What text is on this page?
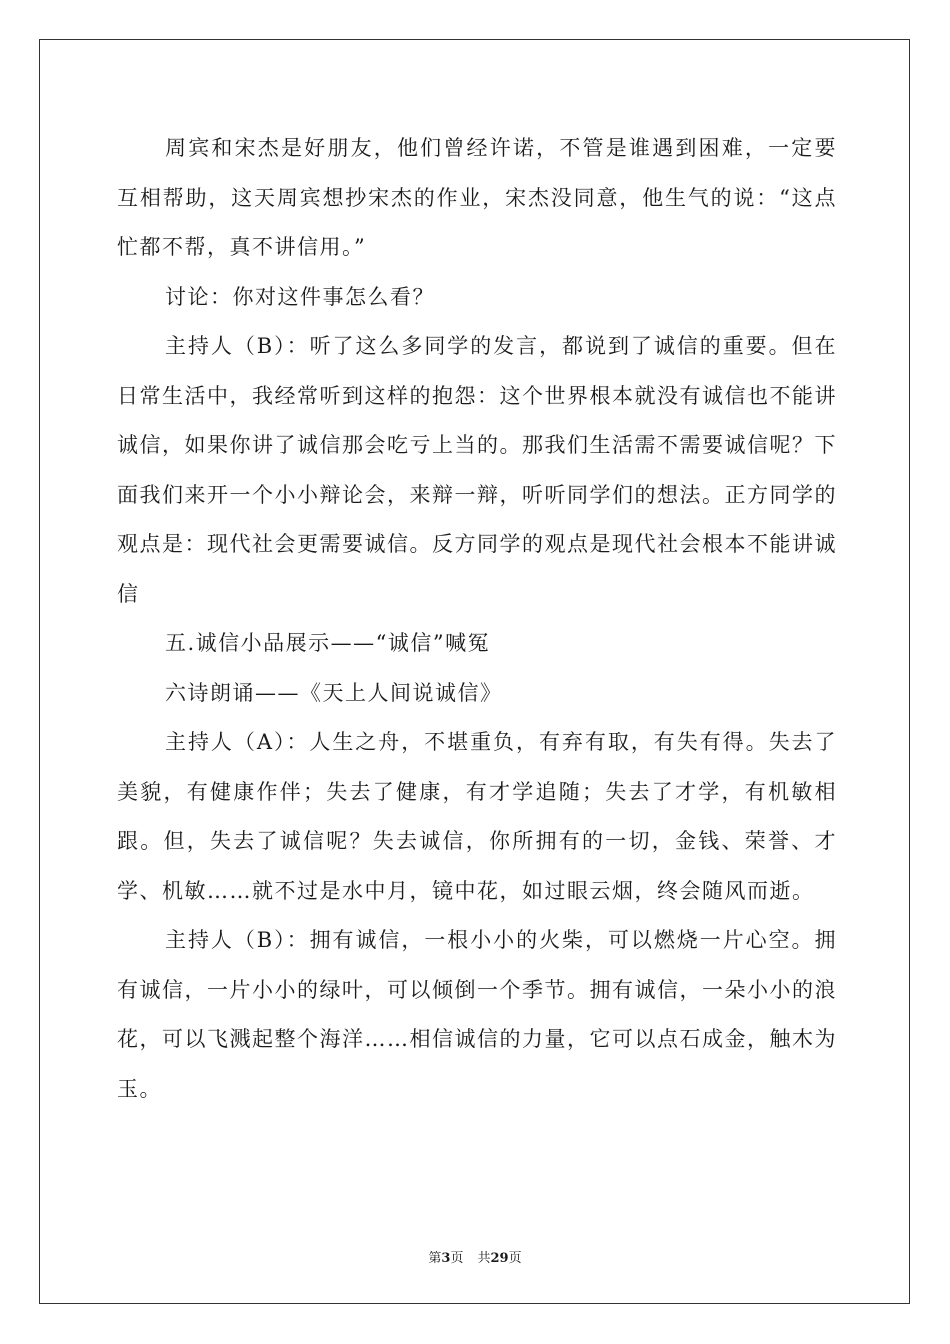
周宾和宋杰是好朋友，他们曾经许诺，不管是谁遇到困难，一定要互相帮助，这天周宾想抄宋杰的作业，宋杰没同意，他生气的说：“这点忙都不帮，真不讲信用。”

讨论：你对这件事怎么看？

主持人（B）：听了这么多同学的发言，都说到了诚信的重要。但在日常生活中，我经常听到这样的抱怨：这个世界根本就没有诚信也不能讲诚信，如果你讲了诚信那会吃亏上当的。那我们生活需不需要诚信呢？下面我们来开一个小小辩论会，来辩一辩，听听同学们的想法。正方同学的观点是：现代社会更需要诚信。反方同学的观点是现代社会根本不能讲诚信

五.诚信小品展示——“诚信”喊冤

六诗朗诵——《天上人间说诚信》

主持人（A）：人生之舟，不堪重负，有弃有取，有失有得。失去了美貌，有健康作伴；失去了健康，有才学追随；失去了才学，有机敏相跟。但，失去了诚信呢？失去诚信，你所拥有的一切，金钱、荣誉、才学、机敏……就不过是水中月，镜中花，如过眼云烟，终会随风而逝。

主持人（B）：拥有诚信，一根小小的火柴，可以燃烧一片心空。拥有诚信，一片小小的绿叶，可以倾倒一个季节。拥有诚信，一朵小小的浪花，可以飞溅起整个海洋……相信诚信的力量，它可以点石成金，触木为玉。

第3页 共29页
